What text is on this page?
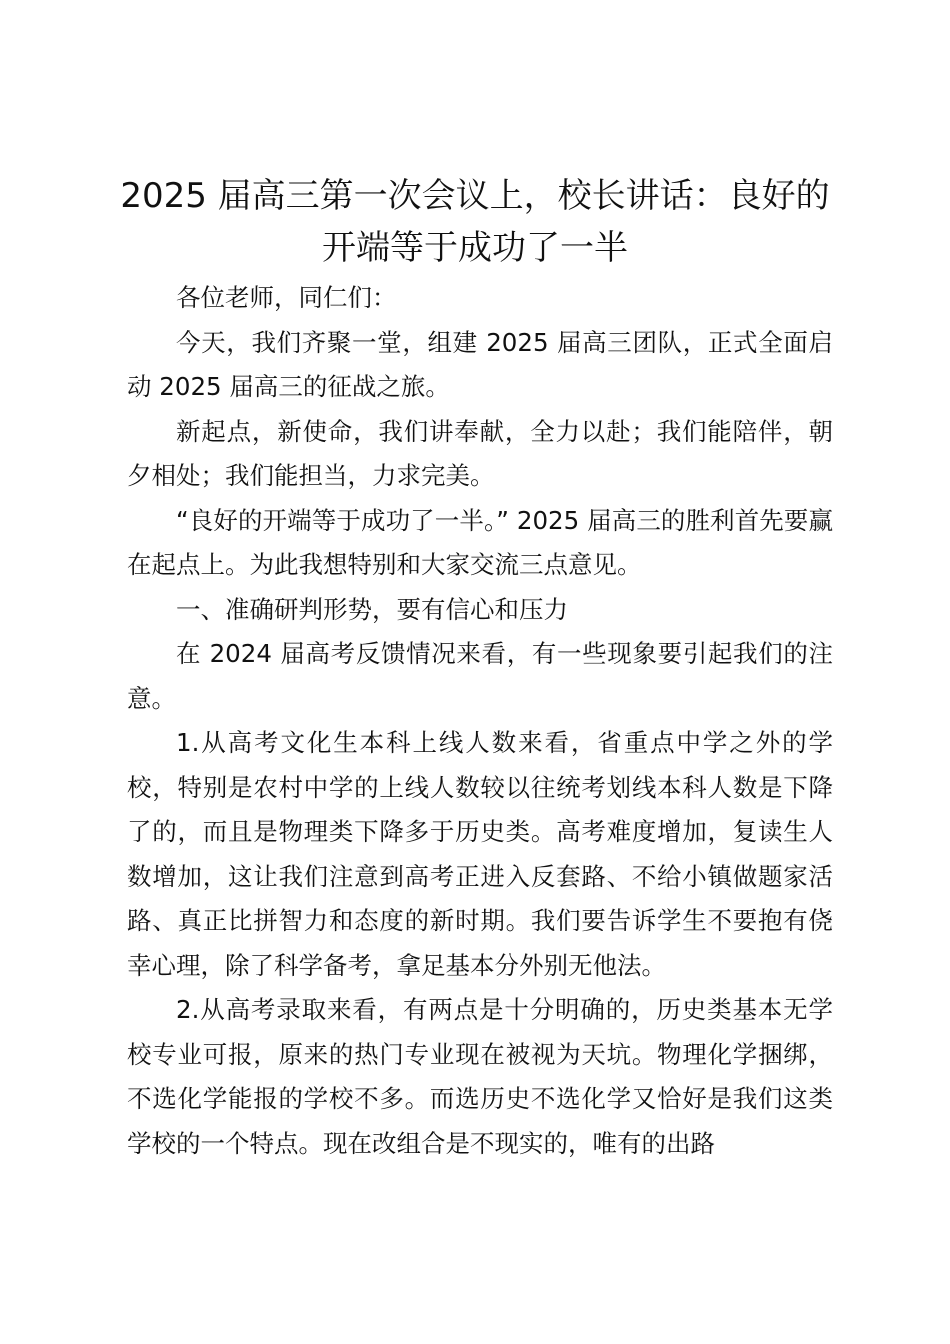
2025 届高三第一次会议上，校长讲话：良好的开端等于成功了一半

各位老师，同仁们：

今天，我们齐聚一堂，组建 2025 届高三团队，正式全面启动 2025 届高三的征战之旅。

新起点，新使命，我们讲奉献，全力以赴；我们能陪伴，朝夕相处；我们能担当，力求完美。

“良好的开端等于成功了一半。” 2025 届高三的胜利首先要赢在起点上。为此我想特别和大家交流三点意见。

一、准确研判形势，要有信心和压力

在 2024 届高考反馈情况来看，有一些现象要引起我们的注意。

1.从高考文化生本科上线人数来看，省重点中学之外的学校，特别是农村中学的上线人数较以往统考划线本科人数是下降了的，而且是物理类下降多于历史类。高考难度增加，复读生人数增加，这让我们注意到高考正进入反套路、不给小镇做题家活路、真正比拼智力和态度的新时期。我们要告诉学生不要抱有侥幸心理，除了科学备考，拿足基本分外别无他法。

2.从高考录取来看，有两点是十分明确的，历史类基本无学校专业可报，原来的热门专业现在被视为天坑。物理化学捆绑，不选化学能报的学校不多。而选历史不选化学又恰好是我们这类学校的一个特点。现在改组合是不现实的，唯有的出路
